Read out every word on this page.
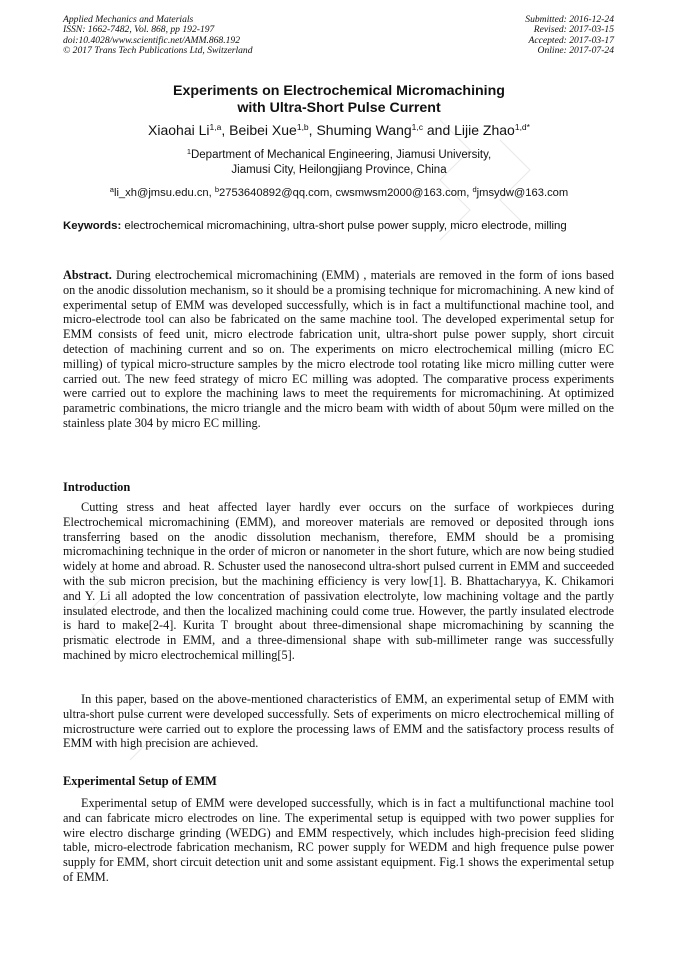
Applied Mechanics and Materials
ISSN: 1662-7482, Vol. 868, pp 192-197
doi:10.4028/www.scientific.net/AMM.868.192
© 2017 Trans Tech Publications Ltd, Switzerland
Submitted: 2016-12-24
Revised: 2017-03-15
Accepted: 2017-03-17
Online: 2017-07-24
Experiments on Electrochemical Micromachining
with Ultra-Short Pulse Current
Xiaohai Li$^{1,a}$, Beibei Xue$^{1,b}$, Shuming Wang$^{1,c}$ and Lijie Zhao$^{1,d*}$
$^1$Department of Mechanical Engineering, Jiamusi University,
Jiamusi City, Heilongjiang Province, China
$^a$li_xh@jmsu.edu.cn, $^b$2753640892@qq.com, cwsmwsm2000@163.com, $^d$jmsydw@163.com
Keywords: electrochemical micromachining, ultra-short pulse power supply, micro electrode, milling
Abstract. During electrochemical micromachining (EMM) , materials are removed in the form of ions based on the anodic dissolution mechanism, so it should be a promising technique for micromachining. A new kind of experimental setup of EMM was developed successfully, which is in fact a multifunctional machine tool, and micro-electrode tool can also be fabricated on the same machine tool. The developed experimental setup for EMM consists of feed unit, micro electrode fabrication unit, ultra-short pulse power supply, short circuit detection of machining current and so on. The experiments on micro electrochemical milling (micro EC milling) of typical micro-structure samples by the micro electrode tool rotating like micro milling cutter were carried out. The new feed strategy of micro EC milling was adopted. The comparative process experiments were carried out to explore the machining laws to meet the requirements for micromachining. At optimized parametric combinations, the micro triangle and the micro beam with width of about 50μm were milled on the stainless plate 304 by micro EC milling.
Introduction
Cutting stress and heat affected layer hardly ever occurs on the surface of workpieces during Electrochemical micromachining (EMM), and moreover materials are removed or deposited through ions transferring based on the anodic dissolution mechanism, therefore, EMM should be a promising micromachining technique in the order of micron or nanometer in the short future, which are now being studied widely at home and abroad. R. Schuster used the nanosecond ultra-short pulsed current in EMM and succeeded with the sub micron precision, but the machining efficiency is very low[1]. B. Bhattacharyya, K. Chikamori and Y. Li all adopted the low concentration of passivation electrolyte, low machining voltage and the partly insulated electrode, and then the localized machining could come true. However, the partly insulated electrode is hard to make[2-4]. Kurita T brought about three-dimensional shape micromachining by scanning the prismatic electrode in EMM, and a three-dimensional shape with sub-millimeter range was successfully machined by micro electrochemical milling[5].
In this paper, based on the above-mentioned characteristics of EMM, an experimental setup of EMM with ultra-short pulse current were developed successfully. Sets of experiments on micro electrochemical milling of microstructure were carried out to explore the processing laws of EMM and the satisfactory process results of EMM with high precision are achieved.
Experimental Setup of EMM
Experimental setup of EMM were developed successfully, which is in fact a multifunctional machine tool and can fabricate micro electrodes on line. The experimental setup is equipped with two power supplies for wire electro discharge grinding (WEDG) and EMM respectively, which includes high-precision feed sliding table, micro-electrode fabrication mechanism, RC power supply for WEDM and high frequence pulse power supply for EMM, short circuit detection unit and some assistant equipment. Fig.1 shows the experimental setup of EMM.
